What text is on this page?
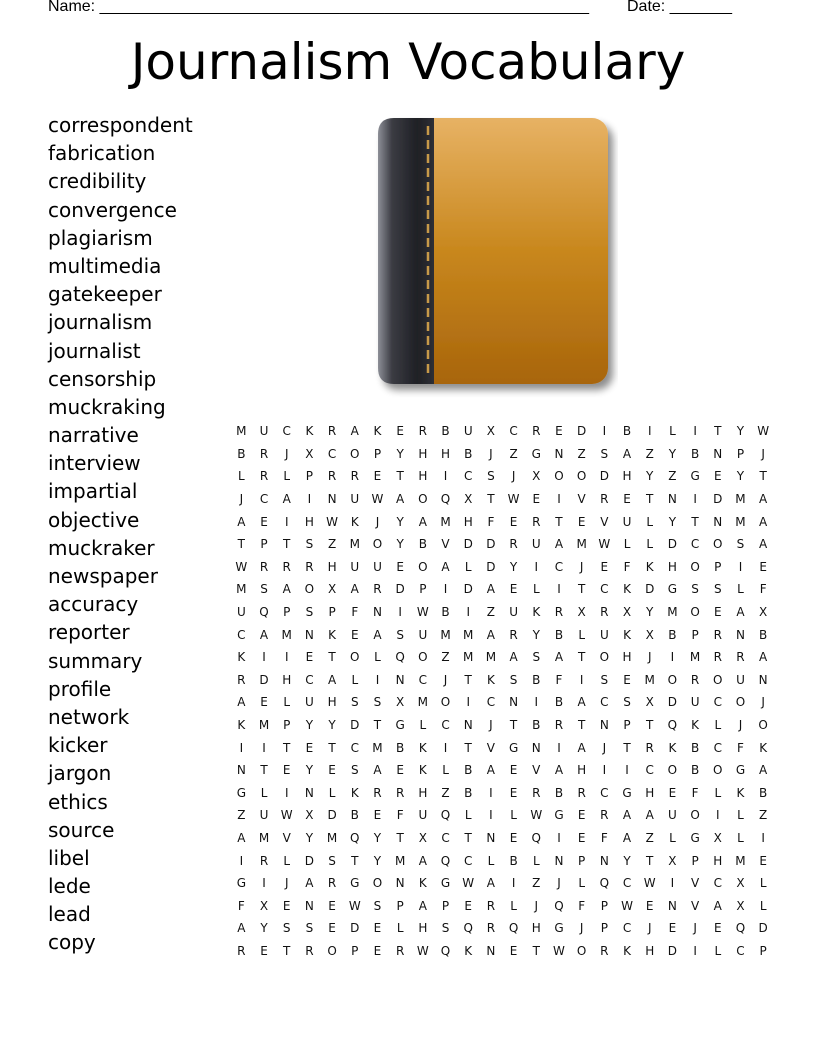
Name: _______________________________________________________ Date: _______
Journalism Vocabulary
correspondent
fabrication
credibility
convergence
plagiarism
multimedia
gatekeeper
journalism
journalist
censorship
muckraking
narrative
interview
impartial
objective
muckraker
newspaper
accuracy
reporter
summary
profile
network
kicker
jargon
ethics
source
libel
lede
lead
copy
M	U	C	K	R	A	K	E	R	B	U	X	C	R	E	D	I	B	I	L	I	T	Y	W
B	R	J	X	C	O	P	Y	H	H	B	J	Z	G	N	Z	S	A	Z	Y	B	N	P	J
L	R	L	P	R	R	E	T	H	I	C	S	J	X	O	O	D	H	Y	Z	G	E	Y	T
J	C	A	I	N	U	W	A	O	Q	X	T	W	E	I	V	R	E	T	N	I	D	M	A
A	E	I	H	W	K	J	Y	A	M	H	F	E	R	T	E	V	U	L	Y	T	N	M	A
T	P	T	S	Z	M	O	Y	B	V	D	D	R	U	A	M	W	L	L	D	C	O	S	A
W	R	R	R	H	U	U	E	O	A	L	D	Y	I	C	J	E	F	K	H	O	P	I	E
M	S	A	O	X	A	R	D	P	I	D	A	E	L	I	T	C	K	D	G	S	S	L	F
U	Q	P	S	P	F	N	I	W	B	I	Z	U	K	R	X	R	X	Y	M	O	E	A	X
C	A	M	N	K	E	A	S	U	M	M	A	R	Y	B	L	U	K	X	B	P	R	N	B
K	I	I	E	T	O	L	Q	O	Z	M	M	A	S	A	T	O	H	J	I	M	R	R	A
R	D	H	C	A	L	I	N	C	J	T	K	S	B	F	I	S	E	M	O	R	O	U	N
A	E	L	U	H	S	S	X	M	O	I	C	N	I	B	A	C	S	X	D	U	C	O	J
K	M	P	Y	Y	D	T	G	L	C	N	J	T	B	R	T	N	P	T	Q	K	L	J	O
I	I	T	E	T	C	M	B	K	I	T	V	G	N	I	A	J	T	R	K	B	C	F	K
N	T	E	Y	E	S	A	E	K	L	B	A	E	V	A	H	I	I	C	O	B	O	G	A
G	L	I	N	L	K	R	R	H	Z	B	I	E	R	B	R	C	G	H	E	F	L	K	B
Z	U	W	X	D	B	E	F	U	Q	L	I	L	W	G	E	R	A	A	U	O	I	L	Z
A	M	V	Y	M	Q	Y	T	X	C	T	N	E	Q	I	E	F	A	Z	L	G	X	L	I
I	R	L	D	S	T	Y	M	A	Q	C	L	B	L	N	P	N	Y	T	X	P	H	M	E
G	I	J	A	R	G	O	N	K	G	W	A	I	Z	J	L	Q	C	W	I	V	C	X	L
F	X	E	N	E	W	S	P	A	P	E	R	L	J	Q	F	P	W	E	N	V	A	X	L
A	Y	S	S	E	D	E	L	H	S	Q	R	Q	H	G	J	P	C	J	E	J	E	Q	D
R	E	T	R	O	P	E	R	W	Q	K	N	E	T	W	O	R	K	H	D	I	L	C	P
